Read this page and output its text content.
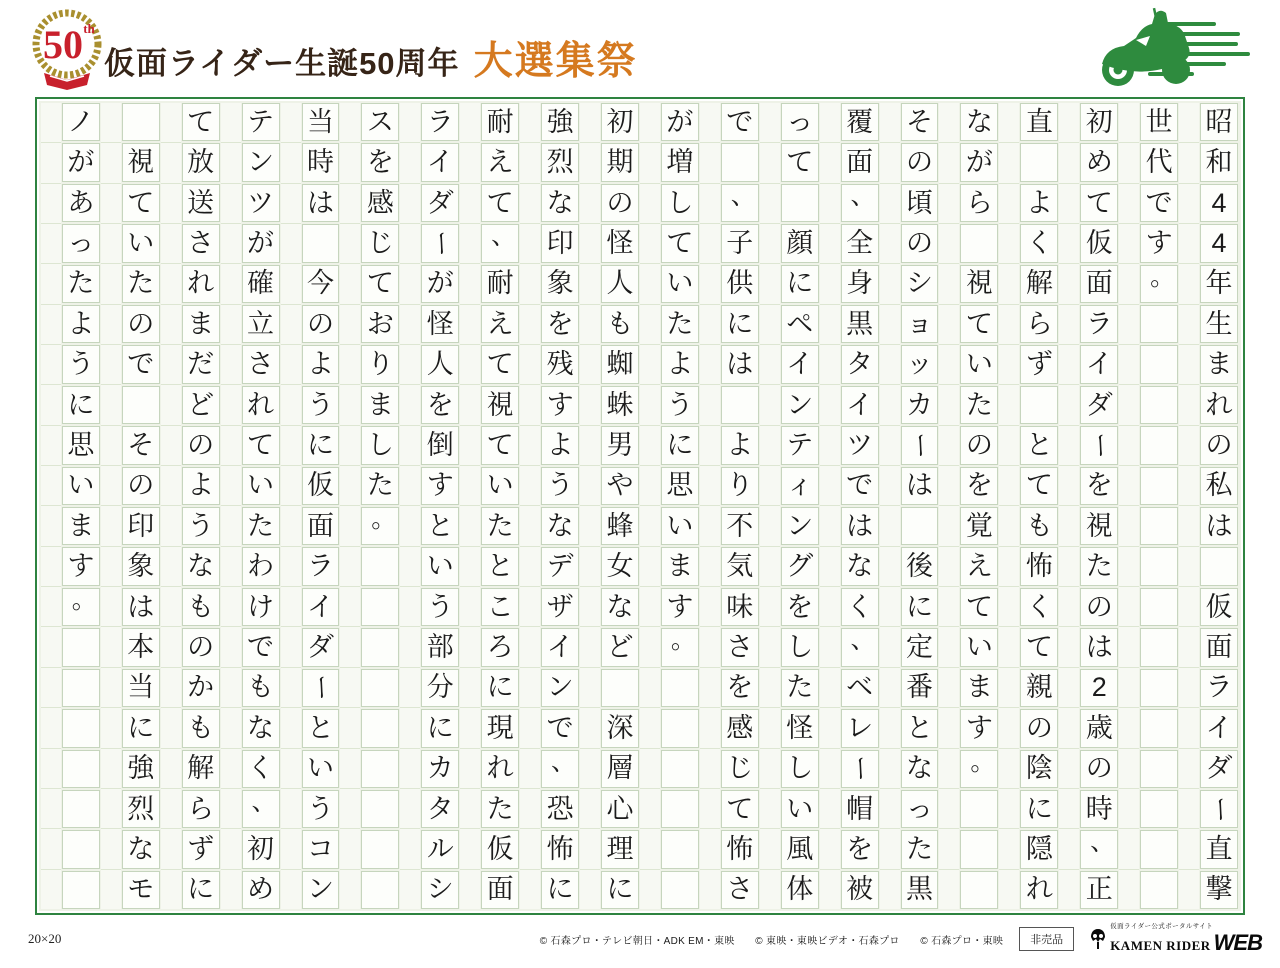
50 th
仮面ライダー生誕50周年 大選集祭
昭
和
4
4
年
生
ま
れ
の
私
は
仮
面
ラ
イ
ダ
ー
直
撃
世
代
で
す
。
初
め
て
仮
面
ラ
イ
ダ
ー
を
視
た
の
は
2
歳
の
時
、
正
直
よ
く
解
ら
ず
と
て
も
怖
く
て
親
の
陰
に
隠
れ
な
が
ら
視
て
い
た
の
を
覚
え
て
い
ま
す
。
そ
の
頃
の
シ
ョ
ッ
カ
ー
は
後
に
定
番
と
な
っ
た
黒
覆
面
、
全
身
黒
タ
イ
ツ
で
は
な
く
、
ベ
レ
ー
帽
を
被
っ
て
顔
に
ペ
イ
ン
テ
ィ
ン
グ
を
し
た
怪
し
い
風
体
で
、
子
供
に
は
よ
り
不
気
味
さ
を
感
じ
て
怖
さ
が
増
し
て
い
た
よ
う
に
思
い
ま
す
。
初
期
の
怪
人
も
蜘
蛛
男
や
蜂
女
な
ど
深
層
心
理
に
強
烈
な
印
象
を
残
す
よ
う
な
デ
ザ
イ
ン
で
、
恐
怖
に
耐
え
て
、
耐
え
て
視
て
い
た
と
こ
ろ
に
現
れ
た
仮
面
ラ
イ
ダ
ー
が
怪
人
を
倒
す
と
い
う
部
分
に
カ
タ
ル
シ
ス
を
感
じ
て
お
り
ま
し
た
。
当
時
は
今
の
よ
う
に
仮
面
ラ
イ
ダ
ー
と
い
う
コ
ン
テ
ン
ツ
が
確
立
さ
れ
て
い
た
わ
け
で
も
な
く
、
初
め
て
放
送
さ
れ
ま
だ
ど
の
よ
う
な
も
の
か
も
解
ら
ず
に
視
て
い
た
の
で
そ
の
印
象
は
本
当
に
強
烈
な
モ
ノ
が
あ
っ
た
よ
う
に
思
い
ま
す
。
20×20	© 石森プロ・テレビ朝日・ADK EM・東映　　© 東映・東映ビデオ・石森プロ　　© 石森プロ・東映	非売品
仮面ライダー公式ポータルサイト
KAMEN RIDER WEB
